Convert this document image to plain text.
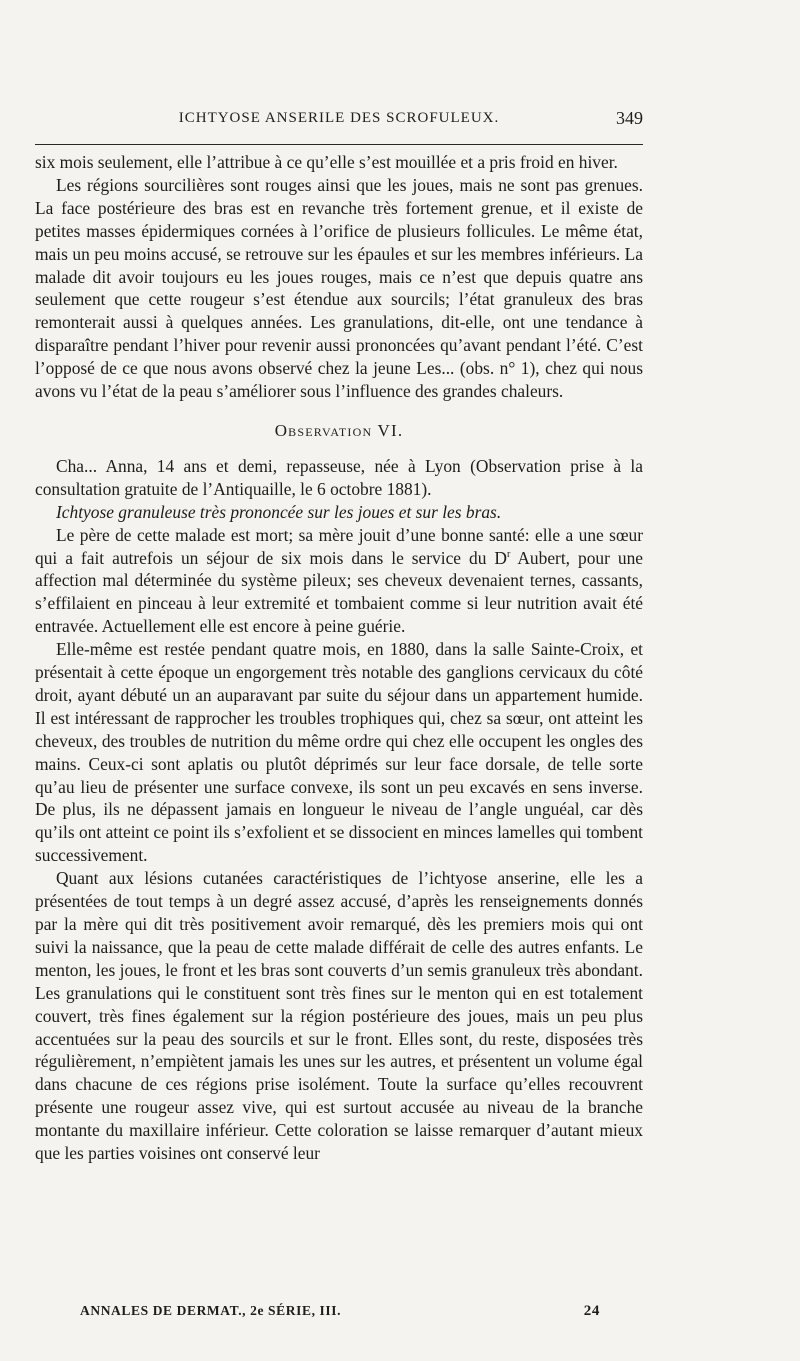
ICHTYOSE ANSERILE DES SCROFULEUX.	349

six mois seulement, elle l’attribue à ce qu’elle s’est mouillée et a pris froid en hiver.

Les régions sourcilières sont rouges ainsi que les joues, mais ne sont pas grenues. La face postérieure des bras est en revanche très fortement grenue, et il existe de petites masses épidermiques cornées à l’orifice de plusieurs follicules. Le même état, mais un peu moins accusé, se retrouve sur les épaules et sur les membres inférieurs. La malade dit avoir toujours eu les joues rouges, mais ce n’est que depuis quatre ans seulement que cette rougeur s’est étendue aux sourcils; l’état granuleux des bras remonterait aussi à quelques années. Les granulations, dit-elle, ont une tendance à disparaître pendant l’hiver pour revenir aussi prononcées qu’avant pendant l’été. C’est l’opposé de ce que nous avons observé chez la jeune Les... (obs. n° 1), chez qui nous avons vu l’état de la peau s’améliorer sous l’influence des grandes chaleurs.

Observation VI.

Cha... Anna, 14 ans et demi, repasseuse, née à Lyon (Observation prise à la consultation gratuite de l’Antiquaille, le 6 octobre 1881).

Ichtyose granuleuse très prononcée sur les joues et sur les bras.

Le père de cette malade est mort; sa mère jouit d’une bonne santé: elle a une sœur qui a fait autrefois un séjour de six mois dans le service du $D^r$ Aubert, pour une affection mal déterminée du système pileux; ses cheveux devenaient ternes, cassants, s’effilaient en pinceau à leur extremité et tombaient comme si leur nutrition avait été entravée. Actuellement elle est encore à peine guérie.

Elle-même est restée pendant quatre mois, en 1880, dans la salle Sainte-Croix, et présentait à cette époque un engorgement très notable des ganglions cervicaux du côté droit, ayant débuté un an auparavant par suite du séjour dans un appartement humide. Il est intéressant de rapprocher les troubles trophiques qui, chez sa sœur, ont atteint les cheveux, des troubles de nutrition du même ordre qui chez elle occupent les ongles des mains. Ceux-ci sont aplatis ou plutôt déprimés sur leur face dorsale, de telle sorte qu’au lieu de présenter une surface convexe, ils sont un peu excavés en sens inverse. De plus, ils ne dépassent jamais en longueur le niveau de l’angle unguéal, car dès qu’ils ont atteint ce point ils s’exfolient et se dissocient en minces lamelles qui tombent successivement.

Quant aux lésions cutanées caractéristiques de l’ichtyose anserine, elle les a présentées de tout temps à un degré assez accusé, d’après les renseignements donnés par la mère qui dit très positivement avoir remarqué, dès les premiers mois qui ont suivi la naissance, que la peau de cette malade différait de celle des autres enfants. Le menton, les joues, le front et les bras sont couverts d’un semis granuleux très abondant. Les granulations qui le constituent sont très fines sur le menton qui en est totalement couvert, très fines également sur la région postérieure des joues, mais un peu plus accentuées sur la peau des sourcils et sur le front. Elles sont, du reste, disposées très régulièrement, n’empiètent jamais les unes sur les autres, et présentent un volume égal dans chacune de ces régions prise isolément. Toute la surface qu’elles recouvrent présente une rougeur assez vive, qui est surtout accusée au niveau de la branche montante du maxillaire inférieur. Cette coloration se laisse remarquer d’autant mieux que les parties voisines ont conservé leur

ANNALES DE DERMAT., 2e SÉRIE, III.	24
